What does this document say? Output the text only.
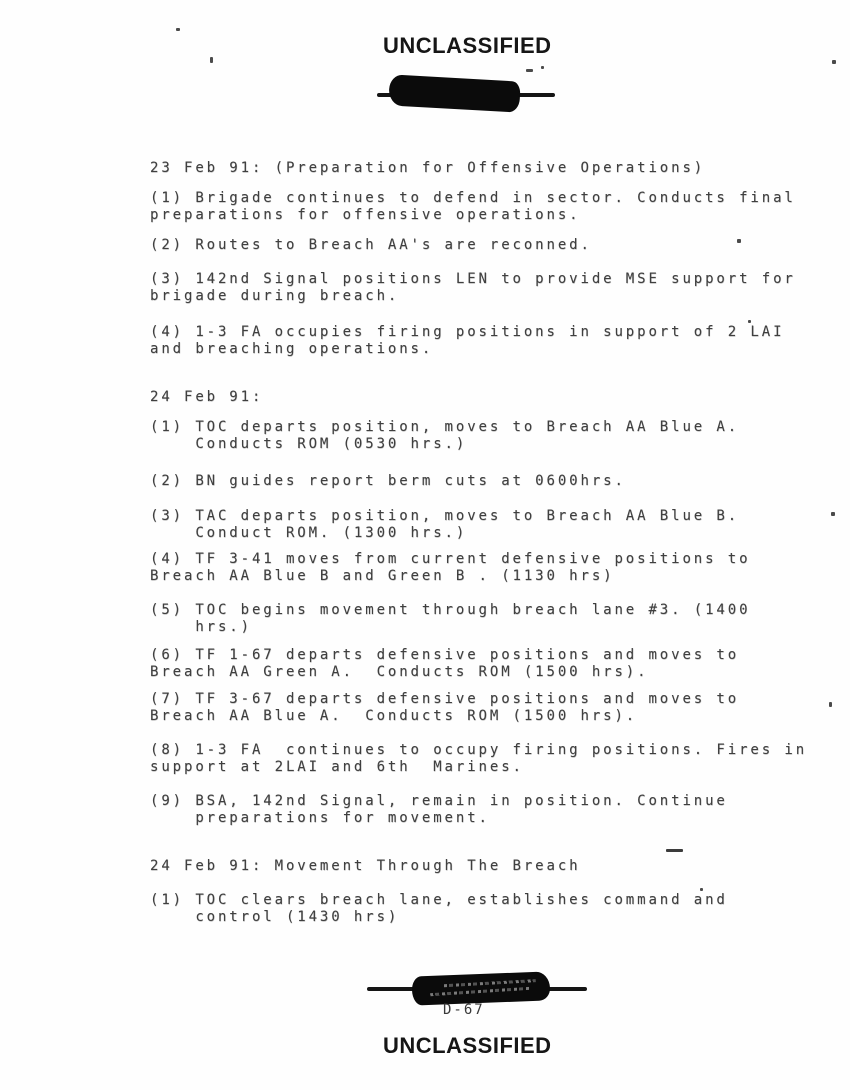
UNCLASSIFIED
23 Feb 91: (Preparation for Offensive Operations)
(1) Brigade continues to defend in sector. Conducts final
preparations for offensive operations.
(2) Routes to Breach AA's are reconned.
(3) 142nd Signal positions LEN to provide MSE support for
brigade during breach.
(4) 1-3 FA occupies firing positions in support of 2 LAI
and breaching operations.
24 Feb 91:
(1) TOC departs position, moves to Breach AA Blue A.
Conducts ROM (0530 hrs.)
(2) BN guides report berm cuts at 0600hrs.
(3) TAC departs position, moves to Breach AA Blue B.
Conduct ROM. (1300 hrs.)
(4) TF 3-41 moves from current defensive positions to
Breach AA Blue B and Green B . (1130 hrs)
(5) TOC begins movement through breach lane #3. (1400
hrs.)
(6) TF 1-67 departs defensive positions and moves to
Breach AA Green A.  Conducts ROM (1500 hrs).
(7) TF 3-67 departs defensive positions and moves to
Breach AA Blue A.  Conducts ROM (1500 hrs).
(8) 1-3 FA  continues to occupy firing positions. Fires in
support at 2LAI and 6th  Marines.
(9) BSA, 142nd Signal, remain in position. Continue
preparations for movement.
24 Feb 91: Movement Through The Breach
(1) TOC clears breach lane, establishes command and
control (1430 hrs)
D-67
UNCLASSIFIED
